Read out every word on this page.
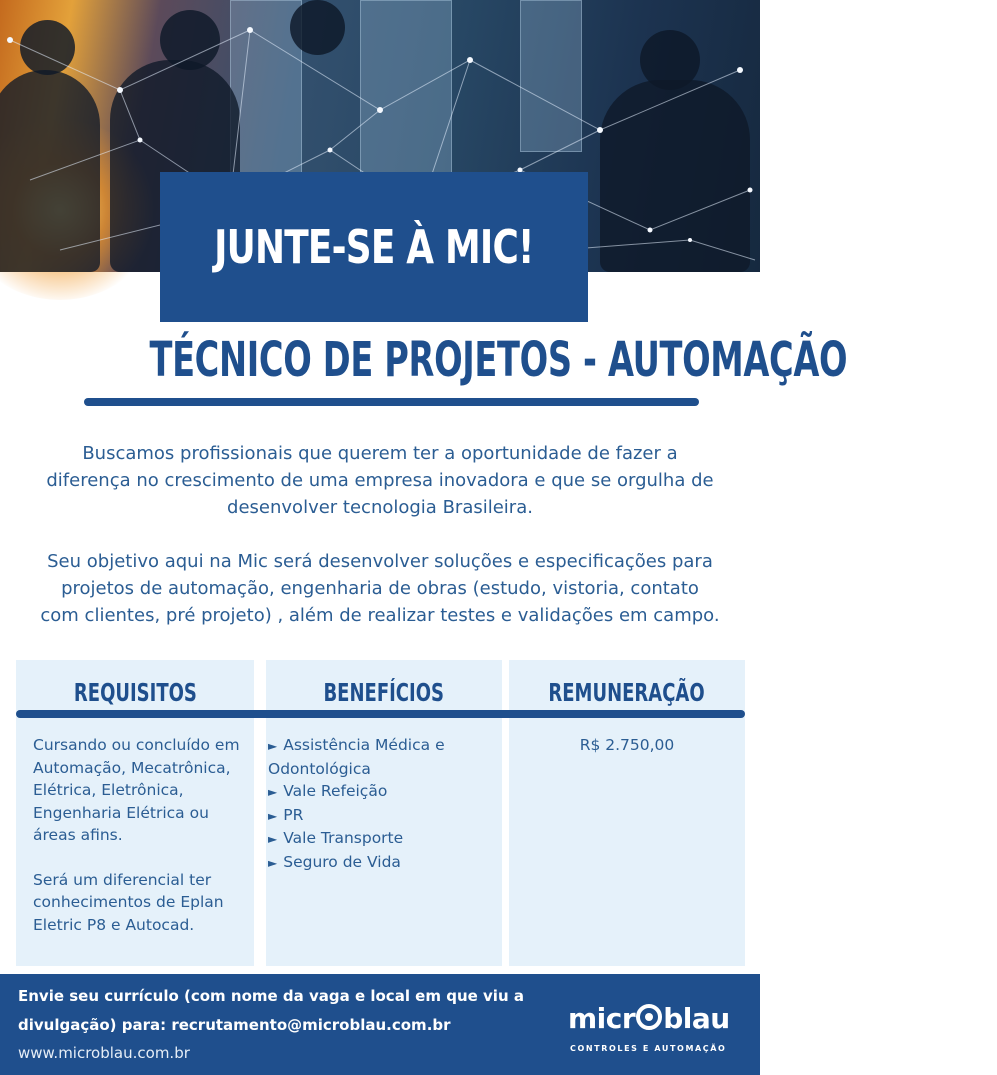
JUNTE-SE À MIC!
TÉCNICO DE PROJETOS - AUTOMAÇÃO
Buscamos profissionais que querem ter a oportunidade de fazer a diferença no crescimento de uma empresa inovadora e que se orgulha de desenvolver tecnologia Brasileira.
Seu objetivo aqui na Mic será desenvolver soluções e especificações para projetos de automação, engenharia de obras (estudo, vistoria, contato com clientes, pré projeto) , além de realizar testes e validações em campo.
REQUISITOS

Cursando ou concluído em Automação, Mecatrônica, Elétrica, Eletrônica, Engenharia Elétrica ou áreas afins.

Será um diferencial ter conhecimentos de Eplan Eletric P8 e Autocad.

BENEFÍCIOS
► Assistência Médica e Odontológica
► Vale Refeição
► PR
► Vale Transporte
► Seguro de Vida
REMUNERAÇÃO
R$ 2.750,00
Envie seu currículo (com nome da vaga e local em que viu a
divulgação) para: recrutamento@microblau.com.br
www.microblau.com.br
micr blau
CONTROLES E AUTOMAÇÃO
